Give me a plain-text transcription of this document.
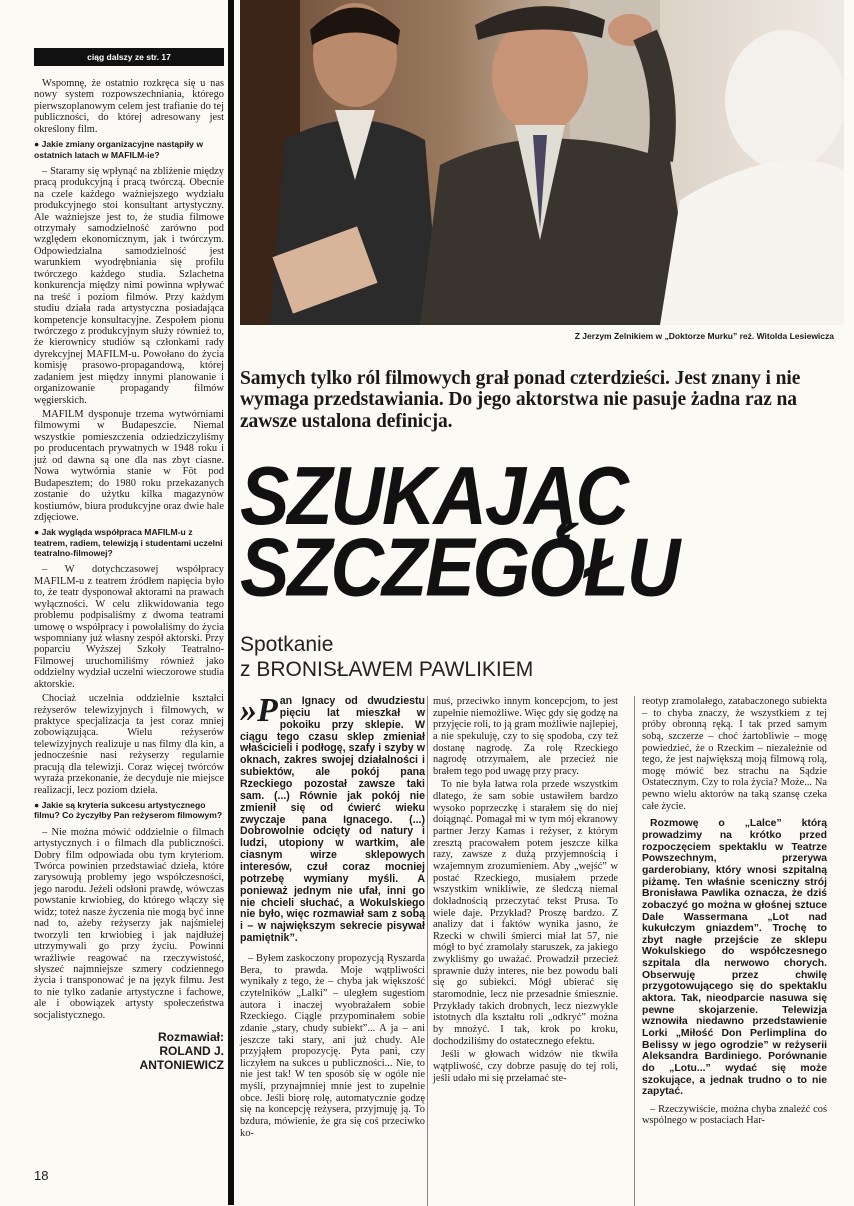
ciąg dalszy ze str. 17

Wspomnę, że ostatnio rozkręca się u nas nowy system rozpowszechniania, którego pierwszoplanowym celem jest trafianie do tej publiczności, do której adresowany jest określony film.

● Jakie zmiany organizacyjne nastąpiły w ostatnich latach w MAFILM-ie?

– Staramy się wpłynąć na zbliżenie między pracą produkcyjną i pracą twórczą. Obecnie na czele każdego ważniejszego wydziału produkcyjnego stoi konsultant artystyczny. Ale ważniejsze jest to, że studia filmowe otrzymały samodzielność zarówno pod względem ekonomicznym, jak i twórczym. Odpowiedzialna samodzielność jest warunkiem wyodrębniania się profilu twórczego każdego studia. Szlachetna konkurencja między nimi powinna wpływać na treść i poziom filmów. Przy każdym studiu działa rada artystyczna posiadająca kompetencje konsultacyjne. Zespołem pionu twórczego z produkcyjnym służy również to, że kierownicy studiów są członkami rady dyrekcyjnej MAFILM-u. Powołano do życia komisję prasowo-propagandową, której zadaniem jest między innymi planowanie i organizowanie propagandy filmów węgierskich.

MAFILM dysponuje trzema wytwórniami filmowymi w Budapeszcie. Niemal wszystkie pomieszczenia odziedziczyliśmy po producentach prywatnych w 1948 roku i już od dawna są one dla nas zbyt ciasne. Nowa wytwórnia stanie w Föt pod Budapesztem; do 1980 roku przekazanych zostanie do użytku kilka magazynów kostiumów, biura produkcyjne oraz dwie hale zdjęciowe.

● Jak wygląda współpraca MAFILM-u z teatrem, radiem, telewizją i studentami uczelni teatralno-filmowej?

– W dotychczasowej współpracy MAFILM-u z teatrem źródłem napięcia było to, że teatr dysponował aktorami na prawach wyłączności. W celu zlikwidowania tego problemu podpisaliśmy z dwoma teatrami umowę o współpracy i powołaliśmy do życia wspomniany już własny zespół aktorski. Przy poparciu Wyższej Szkoły Teatralno-Filmowej uruchomiliśmy również jako oddzielny wydział uczelni wieczorowe studia aktorskie.

Chociaż uczelnia oddzielnie kształci reżyserów telewizyjnych i filmowych, w praktyce specjalizacja ta jest coraz mniej zobowiązująca. Wielu reżyserów telewizyjnych realizuje u nas filmy dla kin, a jednocześnie nasi reżyserzy regularnie pracują dla telewizji. Coraz więcej twórców wyraża przekonanie, że decyduje nie miejsce realizacji, lecz poziom dzieła.

● Jakie są kryteria sukcesu artystycznego filmu? Co życzyłby Pan reżyserom filmowym?

– Nie można mówić oddzielnie o filmach artystycznych i o filmach dla publiczności. Dobry film odpowiada obu tym kryteriom. Twórca powinien przedstawiać dzieła, które zarysowują problemy jego współczesności, jego narodu. Jeżeli odsłoni prawdę, wówczas powstanie krwiobieg, do którego włączy się widz; toteż nasze życzenia nie mogą być inne nad to, ażeby reżyserzy jak najśmielej tworzyli ten krwiobieg i jak najdłużej utrzymywali go przy życiu. Powinni wrażliwie reagować na rzeczywistość, słyszeć najmniejsze szmery codziennego życia i transponować je na język filmu. Jest to nie tylko zadanie artystyczne i fachowe, ale i obowiązek artysty społeczeństwa socjalistycznego.

Rozmawiał:
ROLAND J.
ANTONIEWICZ
Z Jerzym Zelnikiem w „Doktorze Murku” reż. Witolda Lesiewicza
Samych tylko ról filmowych grał ponad czterdzieści. Jest znany i nie wymaga przedstawiania. Do jego aktorstwa nie pasuje żadna raz na zawsze ustalona definicja.
SZUKAJĄC
SZCZEGÓŁU
Spotkanie
z BRONISŁAWEM PAWLIKIEM
»P an Ignacy od dwudziestu pięciu lat mieszkał w pokoiku przy sklepie. W ciągu tego czasu sklep zmieniał właścicieli i podłogę, szafy i szyby w oknach, zakres swojej działalności i subiektów, ale pokój pana Rzeckiego pozostał zawsze taki sam. (...) Równie jak pokój nie zmienił się od ćwierć wieku zwyczaje pana Ignacego. (...) Dobrowolnie odcięty od natury i ludzi, utopiony w wartkim, ale ciasnym wirze sklepowych interesów, czuł coraz mocniej potrzebę wymiany myśli. A ponieważ jednym nie ufał, inni go nie chcieli słuchać, a Wokulskiego nie było, więc rozmawiał sam z sobą i – w największym sekrecie pisywał pamiętnik”.

– Byłem zaskoczony propozycją Ryszarda Bera, to prawda. Moje wątpliwości wynikały z tego, że – chyba jak większość czytelników „Lalki” – uległem sugestiom autora i inaczej wyobrażałem sobie Rzeckiego. Ciągle przypominałem sobie zdanie „stary, chudy subiekt”... A ja – ani jeszcze taki stary, ani już chudy. Ale przyjąłem propozycję. Pyta pani, czy liczyłem na sukces u publiczności... Nie, to nie jest tak! W ten sposób się w ogóle nie myśli, przynajmniej mnie jest to zupełnie obce. Jeśli biorę rolę, automatycznie godzę się na koncepcję reżysera, przyjmuję ją. To bzdura, mówienie, że gra się coś przeciwko ko-

muś, przeciwko innym koncepcjom, to jest zupełnie niemożliwe. Więc gdy się godzę na przyjęcie roli, to ją gram możliwie najlepiej, a nie spekuluję, czy to się spodoba, czy też dostanę nagrodę. Za rolę Rzeckiego nagrodę otrzymałem, ale przecież nie brałem tego pod uwagę przy pracy.

To nie była łatwa rola przede wszystkim dlatego, że sam sobie ustawiłem bardzo wysoko poprzeczkę i starałem się do niej doiągnąć. Pomagał mi w tym mój ekranowy partner Jerzy Kamas i reżyser, z którym zresztą pracowałem potem jeszcze kilka razy, zawsze z dużą przyjemnością i wzajemnym zrozumieniem. Aby „wejść” w postać Rzeckiego, musiałem przede wszystkim wnikliwie, ze śledczą niemal dokładnością przeczytać tekst Prusa. To wiele daje. Przykład? Proszę bardzo. Z analizy dat i faktów wynika jasno, że Rzecki w chwili śmierci miał lat 57, nie mógł to być zramolały staruszek, za jakiego zwykliśmy go uważać. Prowadził przecież sprawnie duży interes, nie bez powodu bali się go subiekci. Mógł ubierać się staromodnie, lecz nie przesadnie śmiesznie. Przykłady takich drobnych, lecz niezwykle istotnych dla kształtu roli „odkryć” można by mnożyć. I tak, krok po kroku, dochodziliśmy do ostatecznego efektu.

Jeśli w głowach widzów nie tkwiła wątpliwość, czy dobrze pasuję do tej roli, jeśli udało mi się przełamać ste-

reotyp zramolałego, zatabaczonego subiekta – to chyba znaczy, że wszystkiem z tej próby obronną ręką. I tak przed samym sobą, szczerze – choć żartobliwie – mogę powiedzieć, że o Rzeckim – niezależnie od tego, że jest największą moją filmową rolą, mogę mówić bez strachu na Sądzie Ostatecznym. Czy to rola życia? Może... Na pewno wielu aktorów na taką szansę czeka całe życie.

Rozmowę o „Lalce” którą prowadzimy na krótko przed rozpoczęciem spektaklu w Teatrze Powszechnym, przerywa garderobiany, który wnosi szpitalną piżamę. Ten właśnie sceniczny strój Bronisława Pawlika oznacza, że dziś zobaczyć go można w głośnej sztuce Dale Wassermana „Lot nad kukułczym gniazdem”. Trochę to zbyt nagłe przejście ze sklepu Wokulskiego do współczesnego szpitala dla nerwowo chorych. Obserwuję przez chwilę przygotowującego się do spektaklu aktora. Tak, nieodparcie nasuwa się pewne skojarzenie. Telewizja wznowiła niedawno przedstawienie Lorki „Miłość Don Perlimplina do Belissy w jego ogrodzie” w reżyserii Aleksandra Bardiniego. Porównanie do „Lotu...” wydać się może szokujące, a jednak trudno o to nie zapytać.

– Rzeczywiście, można chyba znaleźć coś wspólnego w postaciach Har-

18
